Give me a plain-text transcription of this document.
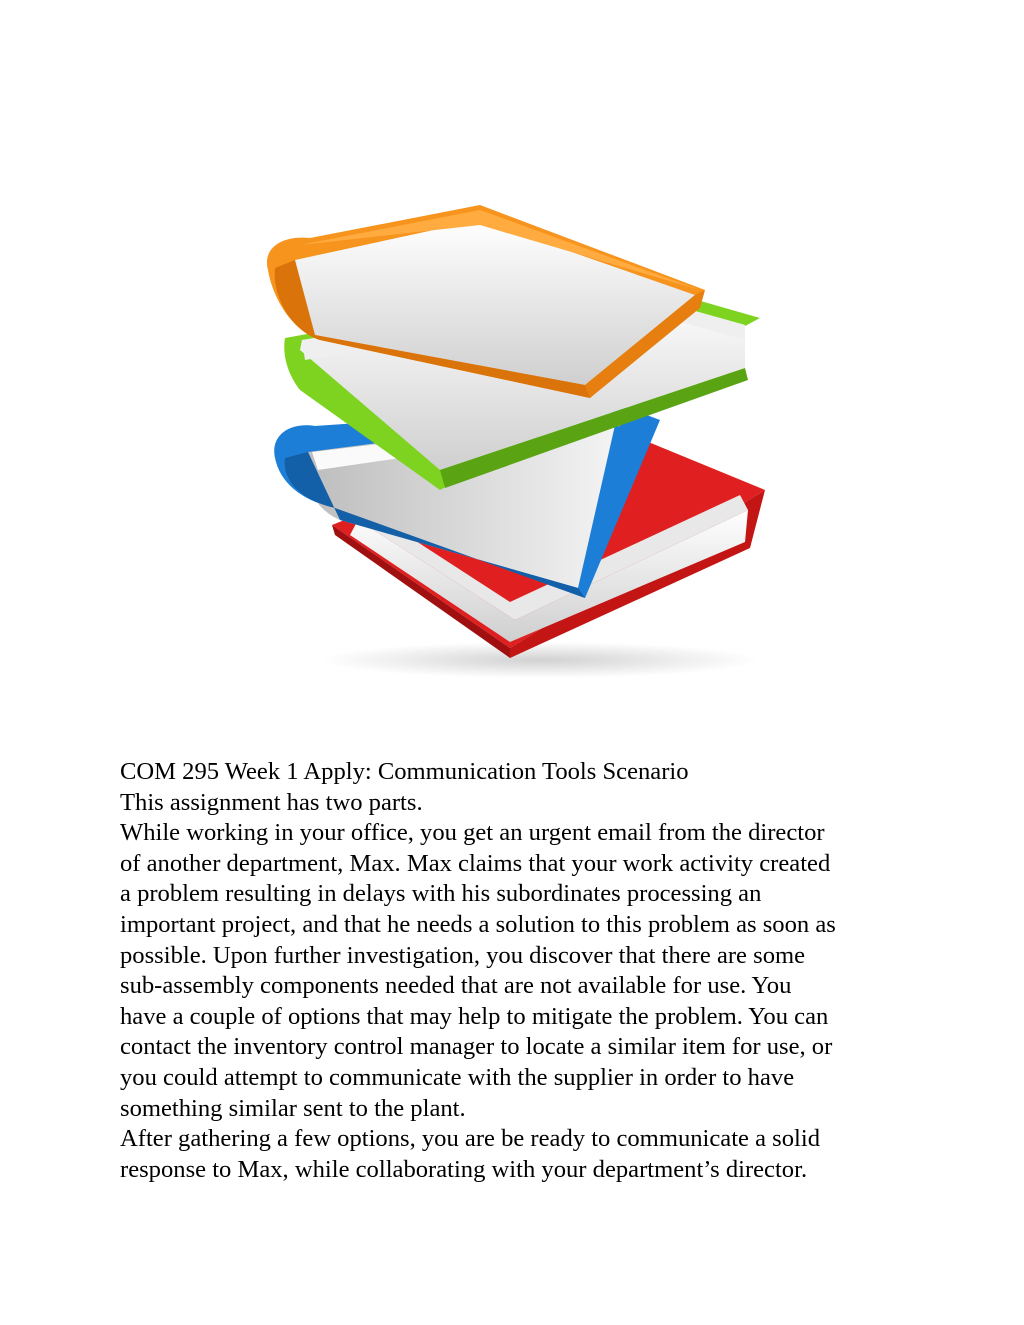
COM 295 Week 1 Apply: Communication Tools Scenario

This assignment has two parts.

While working in your office, you get an urgent email from the director
of another department, Max. Max claims that your work activity created
a problem resulting in delays with his subordinates processing an
important project, and that he needs a solution to this problem as soon as
possible. Upon further investigation, you discover that there are some
sub-assembly components needed that are not available for use. You
have a couple of options that may help to mitigate the problem. You can
contact the inventory control manager to locate a similar item for use, or
you could attempt to communicate with the supplier in order to have
something similar sent to the plant.

After gathering a few options, you are be ready to communicate a solid
response to Max, while collaborating with your department’s director.
